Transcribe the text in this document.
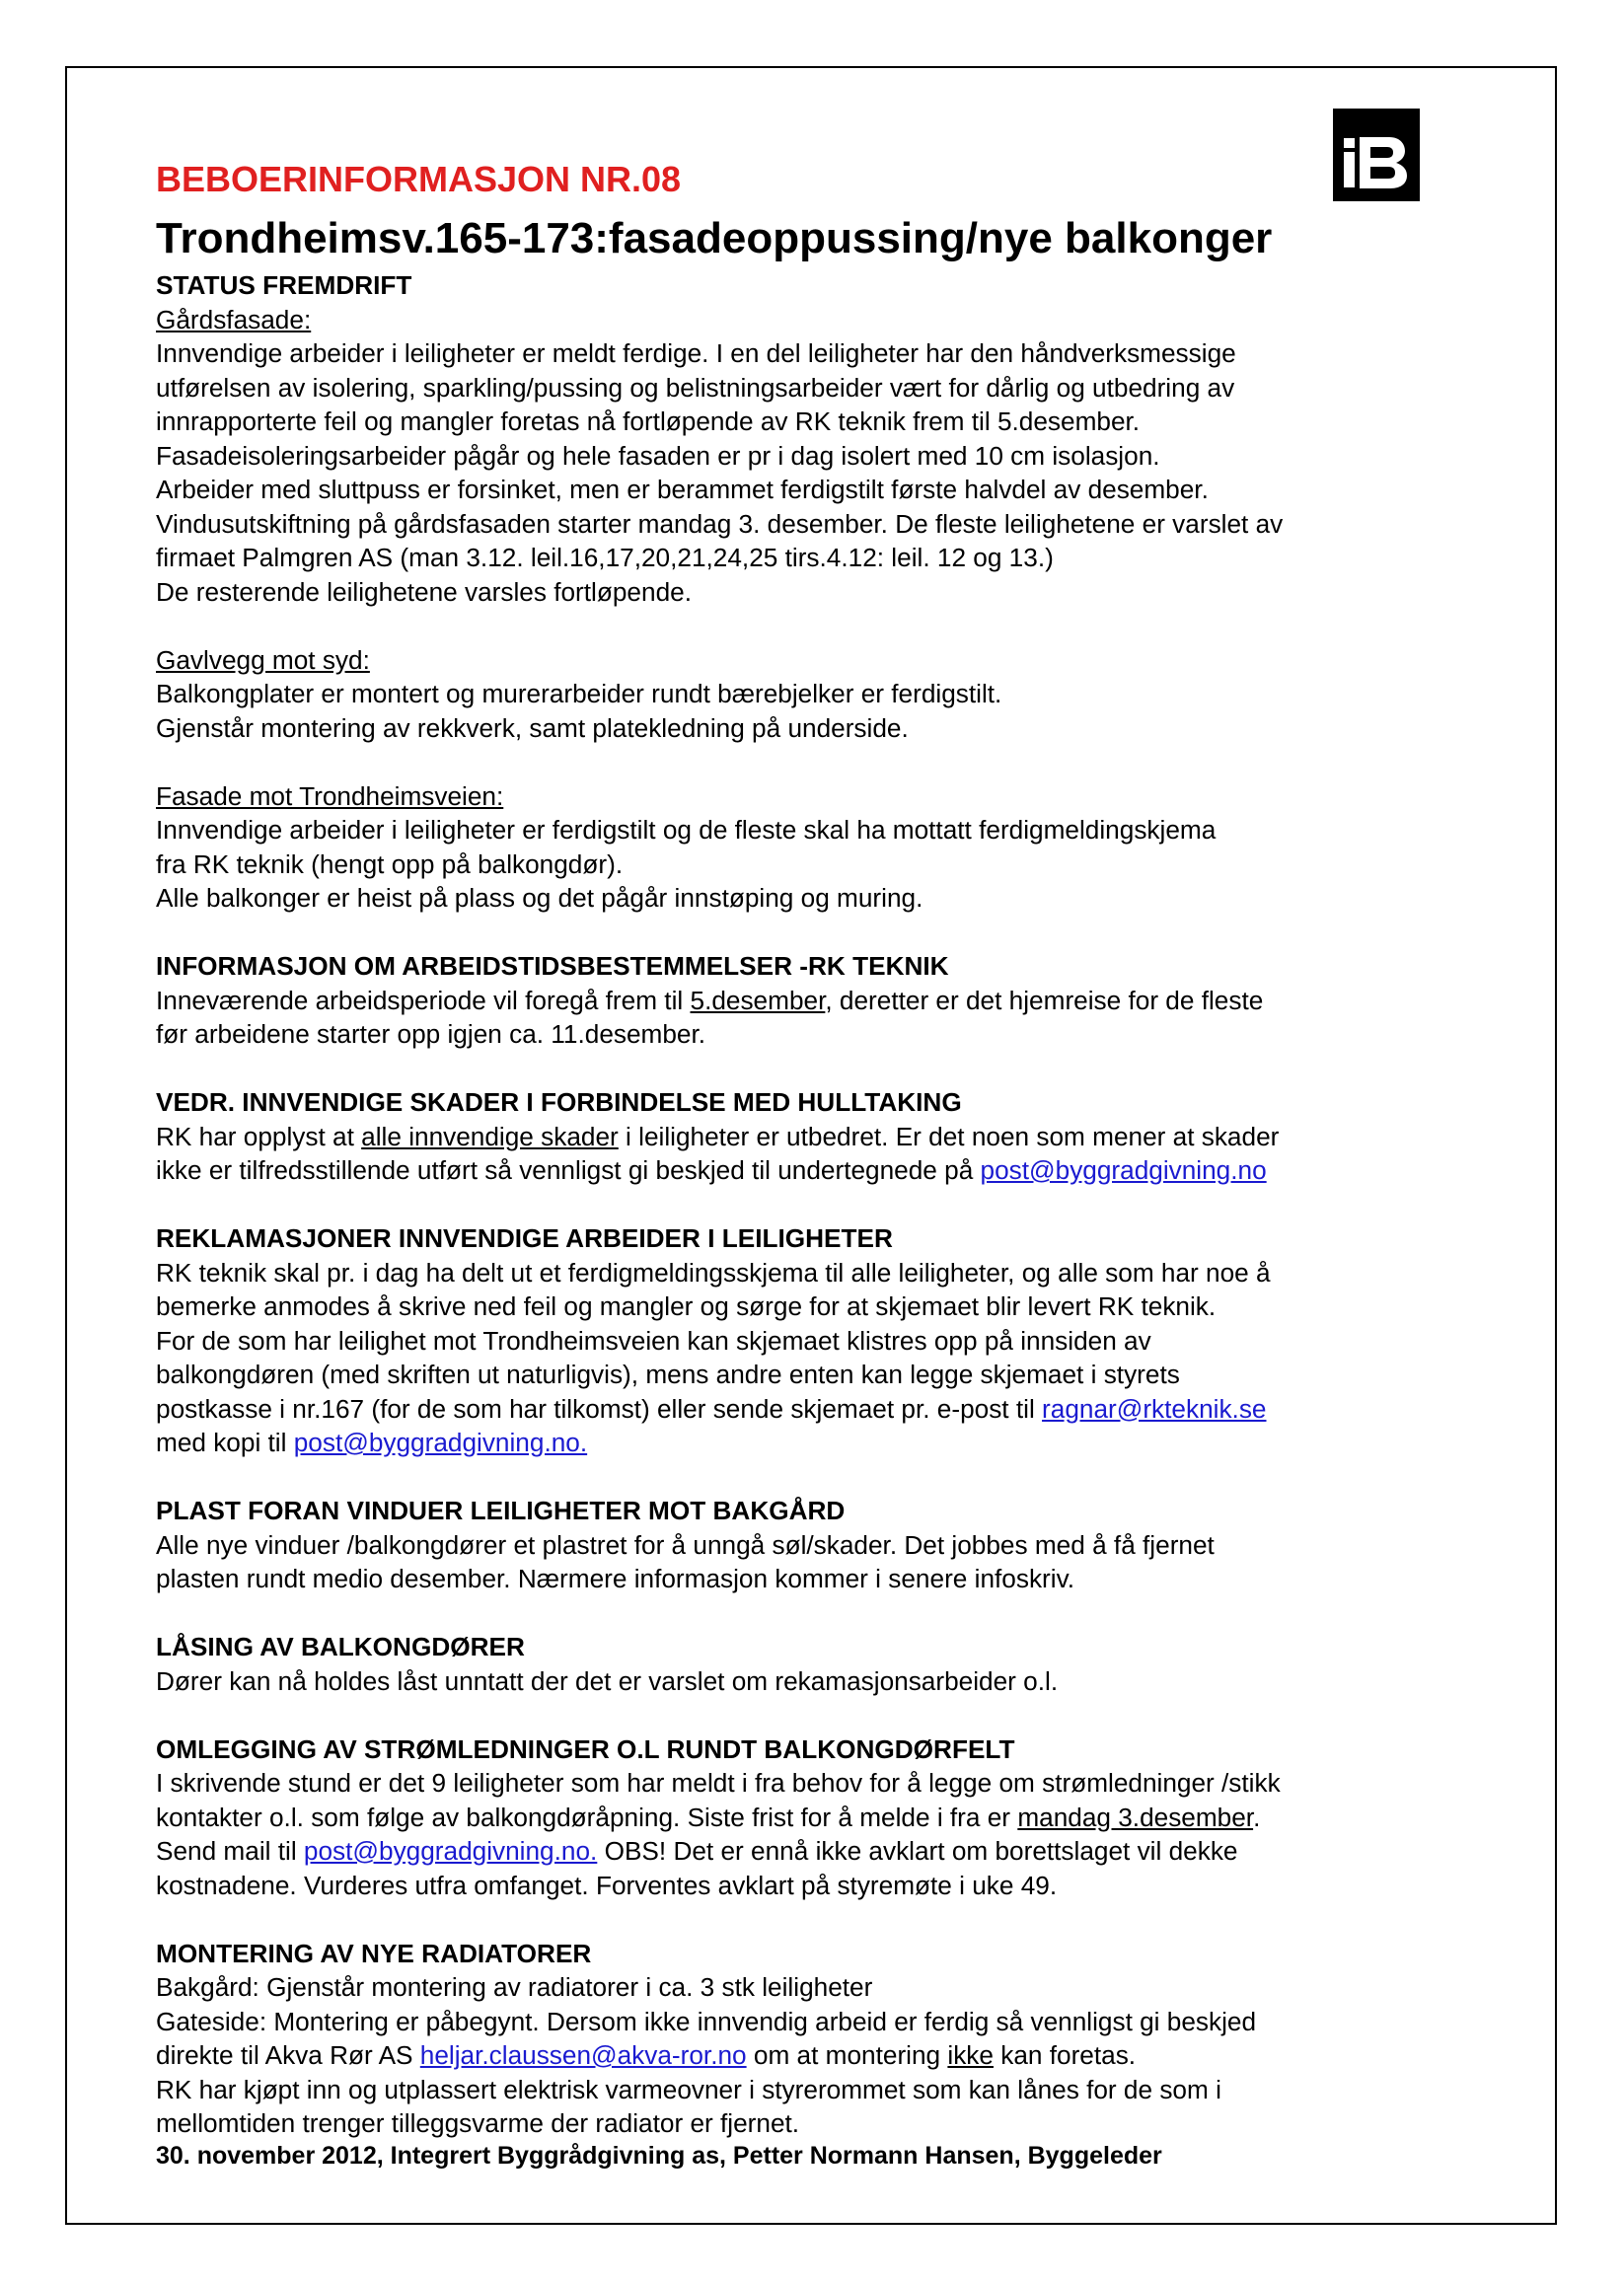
BEBOERINFORMASJON NR.08
Trondheimsv.165-173:fasadeoppussing/nye balkonger
STATUS FREMDRIFT
Gårdsfasade:

Innvendige arbeider i leiligheter er meldt ferdige. I en del leiligheter har den håndverksmessige

utførelsen av isolering, sparkling/pussing og belistningsarbeider vært for dårlig og utbedring av

innrapporterte feil og mangler foretas nå fortløpende av RK teknik frem til 5.desember.

Fasadeisoleringsarbeider pågår og hele fasaden er pr i dag isolert med 10 cm isolasjon.

Arbeider med sluttpuss er forsinket, men er berammet ferdigstilt første halvdel av desember.

Vindusutskiftning på gårdsfasaden starter mandag 3. desember. De fleste leilighetene er varslet av

firmaet Palmgren AS (man 3.12. leil.16,17,20,21,24,25 tirs.4.12: leil. 12 og 13.)

De resterende leilighetene varsles fortløpende.

Gavlvegg mot syd:

Balkongplater er montert og murerarbeider rundt bærebjelker er ferdigstilt.

Gjenstår montering av rekkverk, samt platekledning på underside.

Fasade mot Trondheimsveien:

Innvendige arbeider i leiligheter er ferdigstilt og de fleste skal ha mottatt ferdigmeldingskjema

fra RK teknik (hengt opp på balkongdør).

Alle balkonger er heist på plass og det pågår innstøping og muring.

INFORMASJON OM ARBEIDSTIDSBESTEMMELSER -RK TEKNIK

Inneværende arbeidsperiode vil foregå frem til 5.desember, deretter er det hjemreise for de fleste

før arbeidene starter opp igjen ca. 11.desember.

VEDR. INNVENDIGE SKADER I FORBINDELSE MED HULLTAKING

RK har opplyst at alle innvendige skader i leiligheter er utbedret. Er det noen som mener at skader

ikke er tilfredsstillende utført så vennligst gi beskjed til undertegnede på post@byggradgivning.no

REKLAMASJONER INNVENDIGE ARBEIDER I LEILIGHETER

RK teknik skal pr. i dag ha delt ut et ferdigmeldingsskjema til alle leiligheter, og alle som har noe å

bemerke anmodes å skrive ned feil og mangler og sørge for at skjemaet blir levert RK teknik.

For de som har leilighet mot Trondheimsveien kan skjemaet klistres opp på innsiden av

balkongdøren (med skriften ut naturligvis), mens andre enten kan legge skjemaet i styrets

postkasse i nr.167 (for de som har tilkomst) eller sende skjemaet pr. e-post til ragnar@rkteknik.se

med kopi til post@byggradgivning.no.

PLAST FORAN VINDUER LEILIGHETER MOT BAKGÅRD

Alle nye vinduer /balkongdører et plastret for å unngå søl/skader. Det jobbes med å få fjernet

plasten rundt medio desember. Nærmere informasjon kommer i senere infoskriv.

LÅSING AV BALKONGDØRER

Dører kan nå holdes låst unntatt der det er varslet om rekamasjonsarbeider o.l.

OMLEGGING AV STRØMLEDNINGER O.L RUNDT BALKONGDØRFELT

I skrivende stund er det 9 leiligheter som har meldt i fra behov for å legge om strømledninger /stikk

kontakter o.l. som følge av balkongdøråpning. Siste frist for å melde i fra er mandag 3.desember.

Send mail til post@byggradgivning.no. OBS! Det er ennå ikke avklart om borettslaget vil dekke

kostnadene. Vurderes utfra omfanget. Forventes avklart på styremøte i uke 49.

MONTERING AV NYE RADIATORER

Bakgård: Gjenstår montering av radiatorer i ca. 3 stk leiligheter

Gateside: Montering er påbegynt. Dersom ikke innvendig arbeid er ferdig så vennligst gi beskjed

direkte til Akva Rør AS heljar.claussen@akva-ror.no om at montering ikke kan foretas.

RK har kjøpt inn og utplassert elektrisk varmeovner i styrerommet som kan lånes for de som i

mellomtiden trenger tilleggsvarme der radiator er fjernet.

30. november 2012, Integrert Byggrådgivning as, Petter Normann Hansen, Byggeleder
